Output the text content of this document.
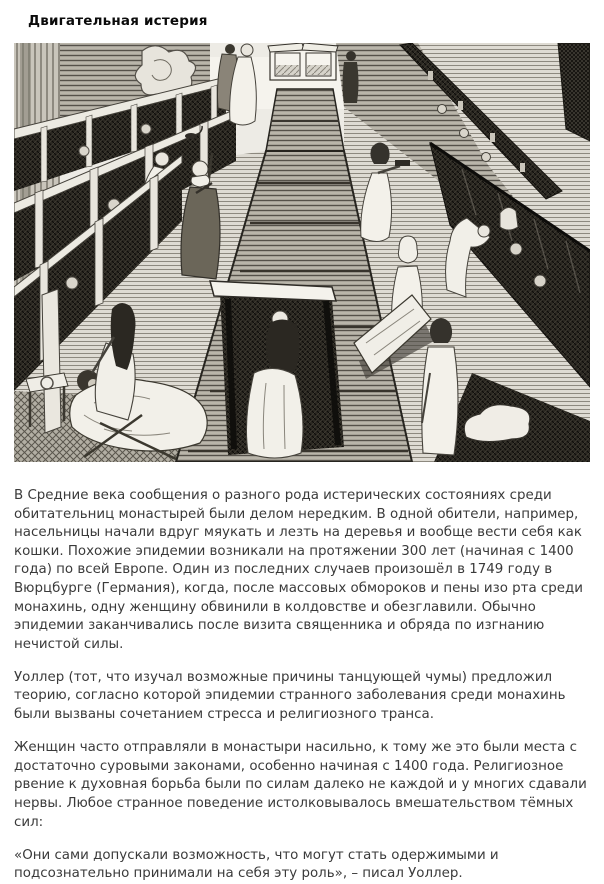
Двигательная истерия

В Средние века сообщения о разного рода истерических состояниях среди обитательниц монастырей были делом нередким. В одной обители, например, насельницы начали вдруг мяукать и лезть на деревья и вообще вести себя как кошки. Похожие эпидемии возникали на протяжении 300 лет (начиная с 1400 года) по всей Европе. Один из последних случаев произошёл в 1749 году в Вюрцбурге (Германия), когда, после массовых обмороков и пены изо рта среди монахинь, одну женщину обвинили в колдовстве и обезглавили. Обычно эпидемии заканчивались после визита священника и обряда по изгнанию нечистой силы.

Уоллер (тот, что изучал возможные причины танцующей чумы) предложил теорию, согласно которой эпидемии странного заболевания среди монахинь были вызваны сочетанием стресса и религиозного транса.

Женщин часто отправляли в монастыри насильно, к тому же это были места с достаточно суровыми законами, особенно начиная с 1400 года. Религиозное рвение к духовная борьба были по силам далеко не каждой и у многих сдавали нервы. Любое странное поведение истолковывалось вмешательством тёмных сил:

«Они сами допускали возможность, что могут стать одержимыми и подсознательно принимали на себя эту роль», – писал Уоллер.
